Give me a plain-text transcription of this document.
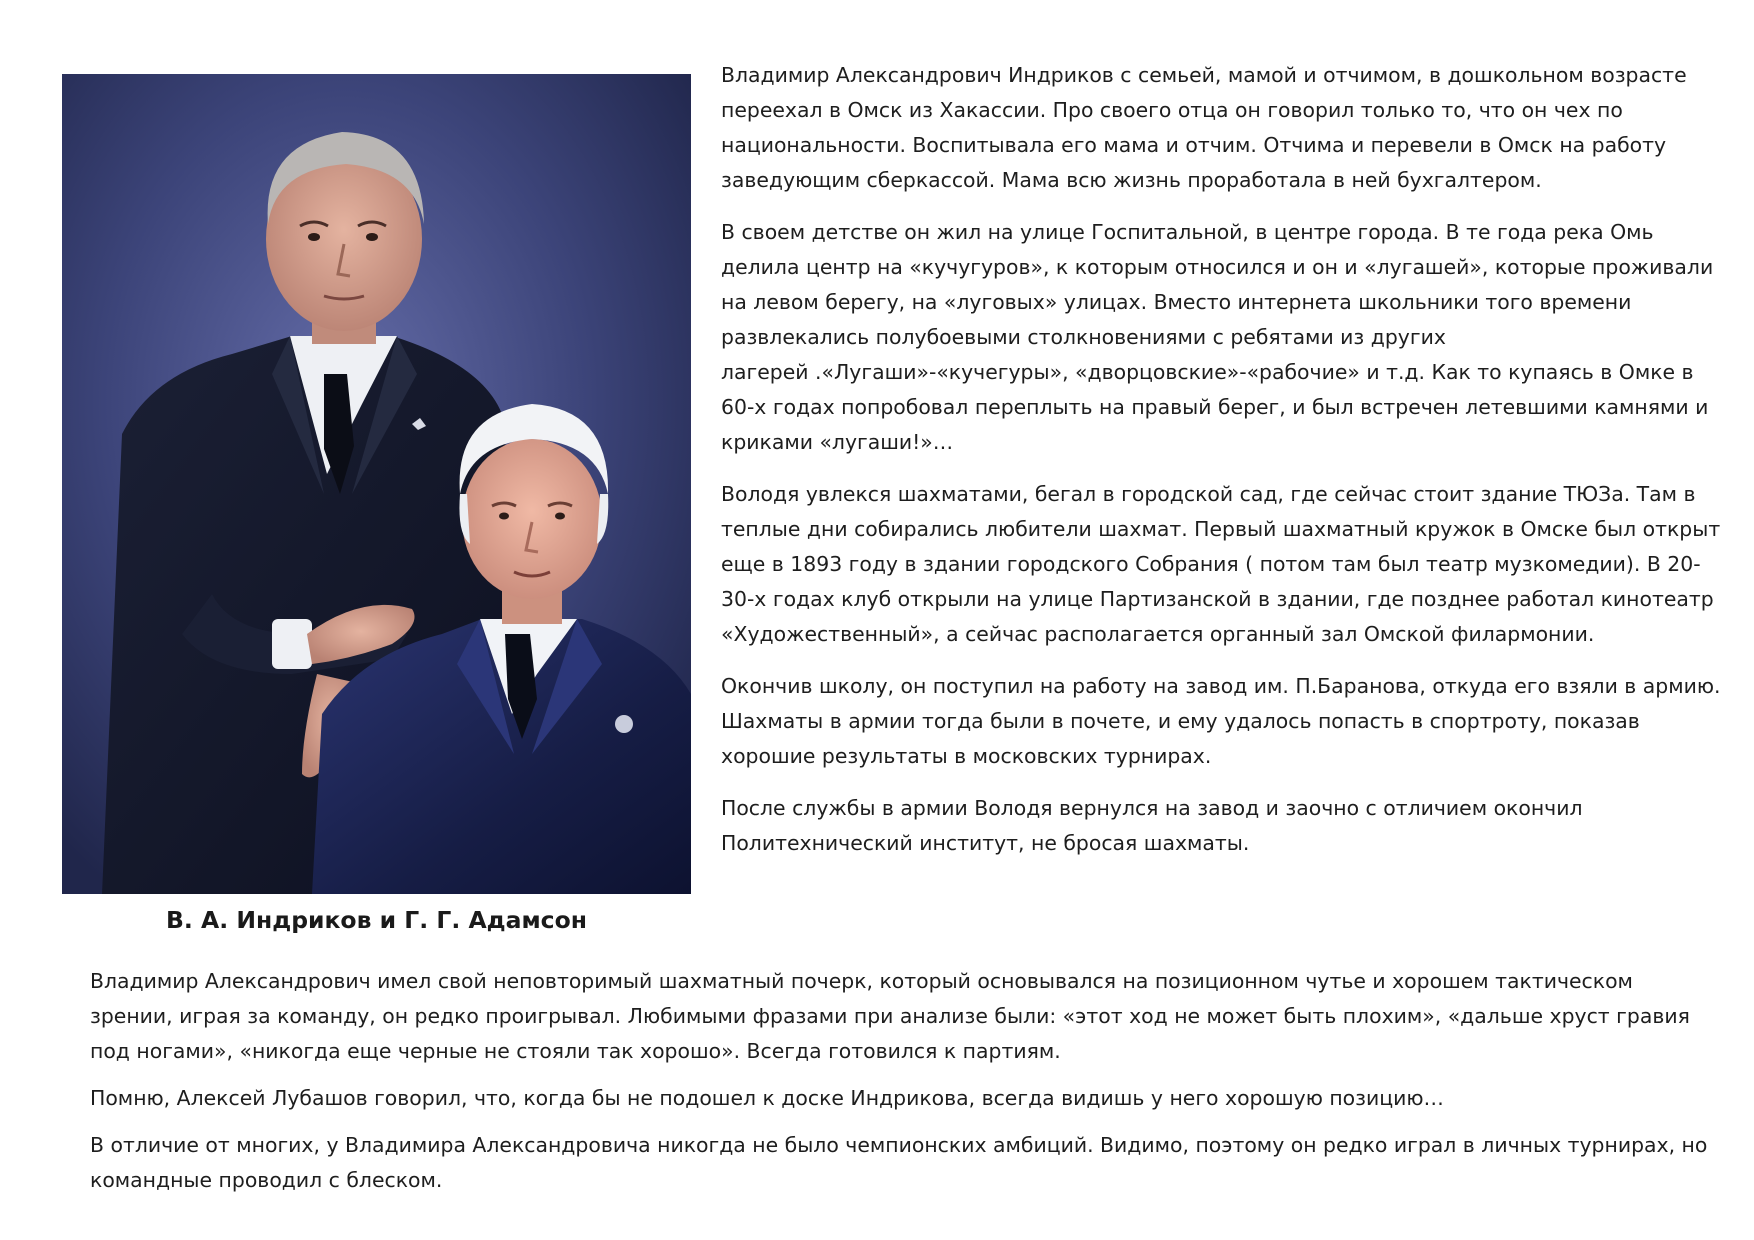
В. А. Индриков и Г. Г. Адамсон

Владимир Александрович Индриков с семьей, мамой и отчимом, в дошкольном возрасте
переехал в Омск из Хакассии. Про своего отца он говорил только то, что он чех по
национальности. Воспитывала его мама и отчим. Отчима и перевели в Омск на работу
заведующим сберкассой. Мама всю жизнь проработала в ней бухгалтером.

В своем детстве он жил на улице Госпитальной, в центре города. В те года река Омь
делила центр на «кучугуров», к которым относился и он и «лугашей», которые проживали
на левом берегу, на «луговых» улицах. Вместо интернета школьники того времени
развлекались полубоевыми столкновениями с ребятами из других
лагерей .«Лугаши»-«кучегуры», «дворцовские»-«рабочие» и т.д. Как то купаясь в Омке в
60-х годах попробовал переплыть на правый берег, и был встречен летевшими камнями и
криками «лугаши!»…

Володя увлекся шахматами, бегал в городской сад, где сейчас стоит здание ТЮЗа. Там в
теплые дни собирались любители шахмат. Первый шахматный кружок в Омске был открыт
еще в 1893 году в здании городского Собрания ( потом там был театр музкомедии). В 20-
30-х годах клуб открыли на улице Партизанской в здании, где позднее работал кинотеатр
«Художественный», а сейчас располагается органный зал Омской филармонии.

Окончив школу, он поступил на работу на завод им. П.Баранова, откуда его взяли в армию.
Шахматы в армии тогда были в почете, и ему удалось попасть в спортроту, показав
хорошие результаты в московских турнирах.

После службы в армии Володя вернулся на завод и заочно с отличием окончил
Политехнический институт, не бросая шахматы.

Владимир Александрович имел свой неповторимый шахматный почерк, который основывался на позиционном чутье и хорошем тактическом
зрении, играя за команду, он редко проигрывал. Любимыми фразами при анализе были: «этот ход не может быть плохим», «дальше хруст гравия
под ногами», «никогда еще черные не стояли так хорошо». Всегда готовился к партиям.

Помню, Алексей Лубашов говорил, что, когда бы не подошел к доске Индрикова, всегда видишь у него хорошую позицию…

В отличие от многих, у Владимира Александровича никогда не было чемпионских амбиций. Видимо, поэтому он редко играл в личных турнирах, но
командные проводил с блеском.
